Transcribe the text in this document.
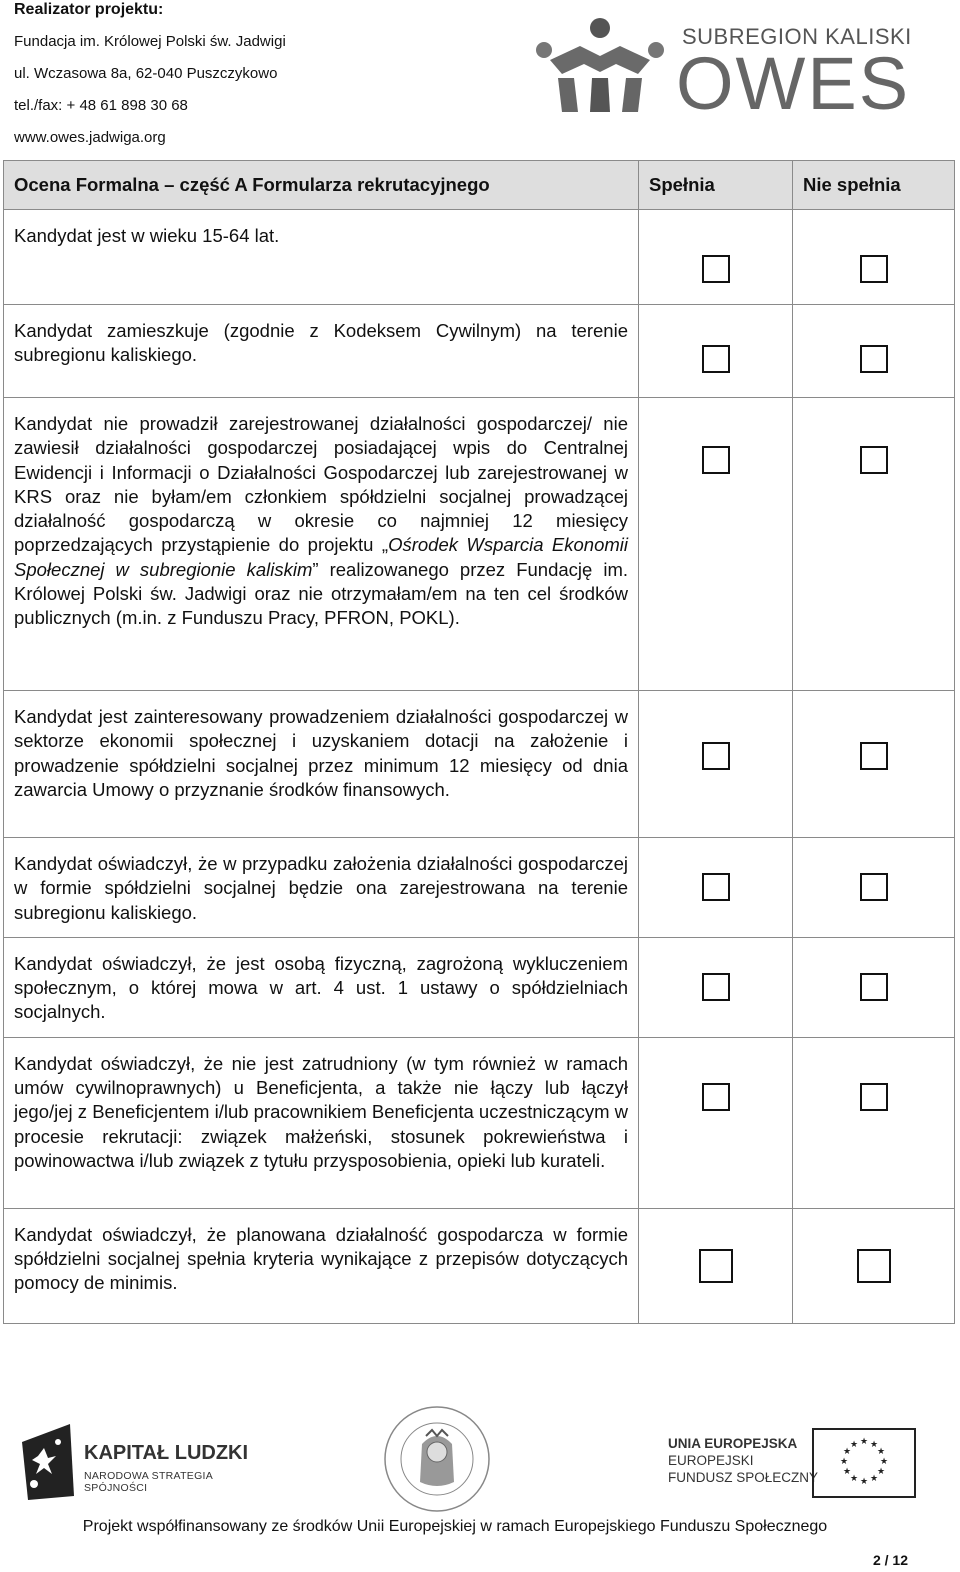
Realizator projektu:
Fundacja im. Królowej Polski św. Jadwigi
ul. Wczasowa 8a, 62-040 Puszczykowo
tel./fax: + 48 61 898 30 68
www.owes.jadwiga.org
SUBREGION KALISKI
OWES
Ocena Formalna – część A Formularza rekrutacyjnego	Spełnia	Nie spełnia
Kandydat jest w wieku 15-64 lat.	

Kandydat zamieszkuje (zgodnie z Kodeksem Cywilnym) na terenie subregionu kaliskiego.	

Kandydat nie prowadził zarejestrowanej działalności gospodarczej/ nie zawiesił działalności gospodarczej posiadającej wpis do Centralnej Ewidencji i Informacji o Działalności Gospodarczej lub zarejestrowanej w KRS oraz nie byłam/em członkiem spółdzielni socjalnej prowadzącej działalność gospodarczą w okresie co najmniej 12 miesięcy poprzedzających przystąpienie do projektu „Ośrodek Wsparcia Ekonomii Społecznej w subregionie kaliskim” realizowanego przez Fundację im. Królowej Polski św. Jadwigi oraz nie otrzymałam/em na ten cel środków publicznych (m.in. z Funduszu Pracy, PFRON, POKL).	

Kandydat jest zainteresowany prowadzeniem działalności gospodarczej w sektorze ekonomii społecznej i uzyskaniem dotacji na założenie i prowadzenie spółdzielni socjalnej przez minimum 12 miesięcy od dnia zawarcia Umowy o przyznanie środków finansowych.	

Kandydat oświadczył, że w przypadku założenia działalności gospodarczej w formie spółdzielni socjalnej będzie ona zarejestrowana na terenie subregionu kaliskiego.	

Kandydat oświadczył, że jest osobą fizyczną, zagrożoną wykluczeniem społecznym, o której mowa w art. 4 ust. 1 ustawy o spółdzielniach socjalnych.	

Kandydat oświadczył, że nie jest zatrudniony (w tym również w ramach umów cywilnoprawnych) u Beneficjenta, a także nie łączy lub łączył jego/jej z Beneficjentem i/lub pracownikiem Beneficjenta uczestniczącym w procesie rekrutacji: związek małżeński, stosunek pokrewieństwa i powinowactwa i/lub związek z tytułu przysposobienia, opieki lub kurateli.	

Kandydat oświadczył, że planowana działalność gospodarcza w formie spółdzielni socjalnej spełnia kryteria wynikające z przepisów dotyczących pomocy de minimis.	

KAPITAŁ LUDZKI
NARODOWA STRATEGIA SPÓJNOŚCI
UNIA EUROPEJSKA
EUROPEJSKI
FUNDUSZ SPOŁECZNY
★ ★
★
★
★
★
★
★
★
★
★
★
Projekt współfinansowany ze środków Unii Europejskiej w ramach Europejskiego Funduszu Społecznego
2 / 12
